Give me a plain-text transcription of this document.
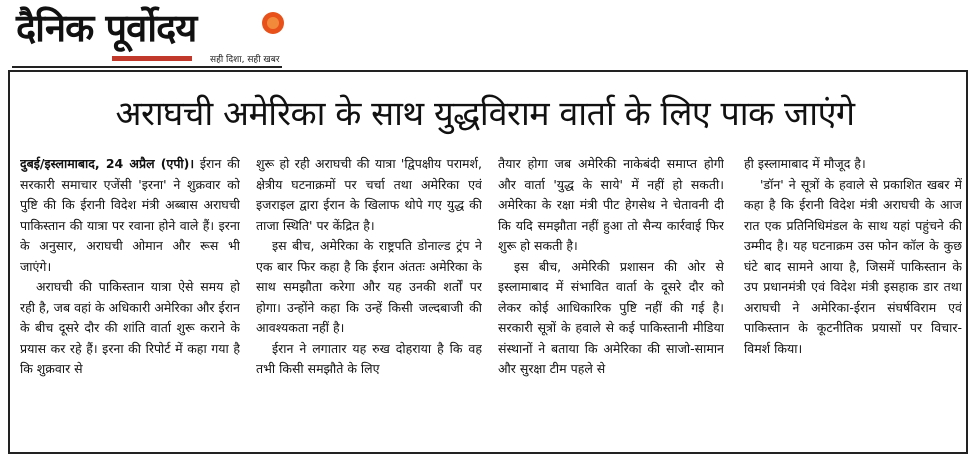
दैनिक पूर्वोदय
सही दिशा, सही खबर
अराघची अमेरिका के साथ युद्धविराम वार्ता के लिए पाक जाएंगे

दुबई/इस्लामाबाद, 24 अप्रैल (एपी)। ईरान की सरकारी समाचार एजेंसी 'इरना' ने शुक्रवार को पुष्टि की कि ईरानी विदेश मंत्री अब्बास अराघची पाकिस्तान की यात्रा पर रवाना होने वाले हैं। इरना के अनुसार, अराघची ओमान और रूस भी जाएंगे।

अराघची की पाकिस्तान यात्रा ऐसे समय हो रही है, जब वहां के अधिकारी अमेरिका और ईरान के बीच दूसरे दौर की शांति वार्ता शुरू कराने के प्रयास कर रहे हैं। इरना की रिपोर्ट में कहा गया है कि शुक्रवार से

शुरू हो रही अराघची की यात्रा 'द्विपक्षीय परामर्श, क्षेत्रीय घटनाक्रमों पर चर्चा तथा अमेरिका एवं इजराइल द्वारा ईरान के खिलाफ थोपे गए युद्ध की ताजा स्थिति' पर केंद्रित है।

इस बीच, अमेरिका के राष्ट्रपति डोनाल्ड ट्रंप ने एक बार फिर कहा है कि ईरान अंततः अमेरिका के साथ समझौता करेगा और यह उनकी शर्तों पर होगा। उन्होंने कहा कि उन्हें किसी जल्दबाजी की आवश्यकता नहीं है।

ईरान ने लगातार यह रुख दोहराया है कि वह तभी किसी समझौते के लिए

तैयार होगा जब अमेरिकी नाकेबंदी समाप्त होगी और वार्ता 'युद्ध के साये' में नहीं हो सकती। अमेरिका के रक्षा मंत्री पीट हेगसेथ ने चेतावनी दी कि यदि समझौता नहीं हुआ तो सैन्य कार्रवाई फिर शुरू हो सकती है।

इस बीच, अमेरिकी प्रशासन की ओर से इस्लामाबाद में संभावित वार्ता के दूसरे दौर को लेकर कोई आधिकारिक पुष्टि नहीं की गई है। सरकारी सूत्रों के हवाले से कई पाकिस्तानी मीडिया संस्थानों ने बताया कि अमेरिका की साजो-सामान और सुरक्षा टीम पहले से

ही इस्लामाबाद में मौजूद है।

'डॉन' ने सूत्रों के हवाले से प्रकाशित खबर में कहा है कि ईरानी विदेश मंत्री अराघची के आज रात एक प्रतिनिधिमंडल के साथ यहां पहुंचने की उम्मीद है। यह घटनाक्रम उस फोन कॉल के कुछ घंटे बाद सामने आया है, जिसमें पाकिस्तान के उप प्रधानमंत्री एवं विदेश मंत्री इसहाक डार तथा अराघची ने अमेरिका-ईरान संघर्षविराम एवं पाकिस्तान के कूटनीतिक प्रयासों पर विचार-विमर्श किया।
